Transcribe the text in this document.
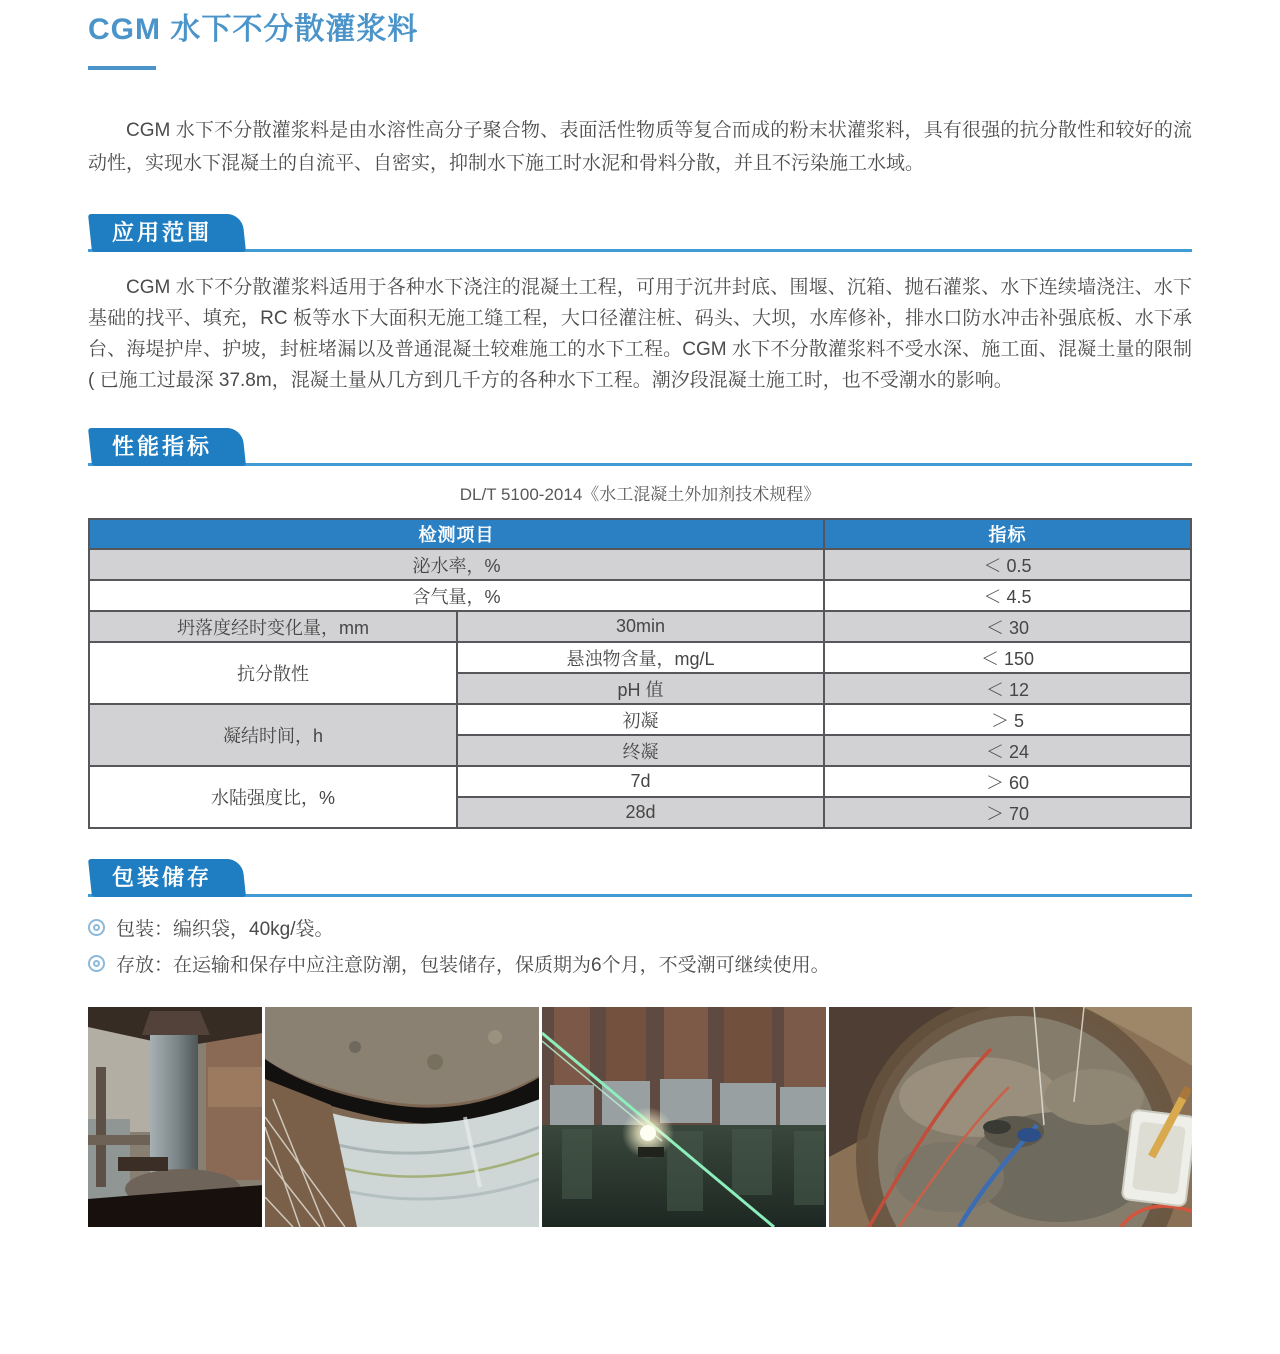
CGM 水下不分散灌浆料

CGM 水下不分散灌浆料是由水溶性高分子聚合物、表面活性物质等复合而成的粉末状灌浆料，具有很强的抗分散性和较好的流动性，实现水下混凝土的自流平、自密实，抑制水下施工时水泥和骨料分散，并且不污染施工水域。

应用范围

CGM 水下不分散灌浆料适用于各种水下浇注的混凝土工程，可用于沉井封底、围堰、沉箱、抛石灌浆、水下连续墙浇注、水下基础的找平、填充，RC 板等水下大面积无施工缝工程，大口径灌注桩、码头、大坝，水库修补，排水口防水冲击补强底板、水下承台、海堤护岸、护坡，封桩堵漏以及普通混凝土较难施工的水下工程。CGM 水下不分散灌浆料不受水深、施工面、混凝土量的限制 ( 已施工过最深 37.8m，混凝土量从几方到几千方的各种水下工程。潮汐段混凝土施工时，也不受潮水的影响。

性能指标

DL/T 5100-2014《水工混凝土外加剂技术规程》

检测项目		指标
泌水率，%		＜ 0.5
含气量，%		＜ 4.5
坍落度经时变化量，mm	30min	＜ 30
抗分散性	悬浊物含量，mg/L	＜ 150
	pH 值	＜ 12
凝结时间，h	初凝	＞ 5
	终凝	＜ 24
水陆强度比，%	7d	＞ 60
	28d	＞ 70
包装储存
包装：编织袋，40kg/袋。
存放：在运输和保存中应注意防潮，包装储存，保质期为6个月，不受潮可继续使用。
